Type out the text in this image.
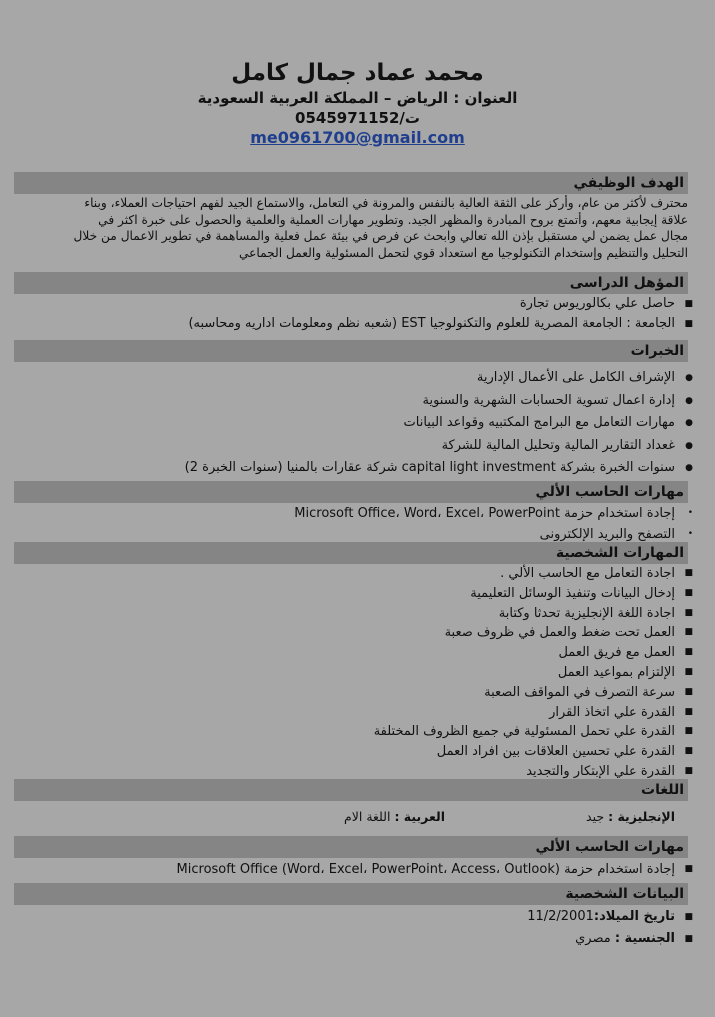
محمد عماد جمال كامل
العنوان : الرياض – المملكة العربية السعودية
ت/0545971152
me0961700@gmail.com
الهدف الوظيفي
محترف لأكثر من عام، وأركز على الثقة العالية بالنفس والمرونة في التعامل، والاستماع الجيد لفهم احتياجات العملاء، وبناء
علاقة إيجابية معهم، وأتمتع بروح المبادرة والمظهر الجيد. وتطوير مهارات العملية والعلمية والحصول على خبرة اكثر في
مجال عمل يضمن لي مستقبل بإذن الله تعالي وابحث عن فرص في بيئة عمل فعلية والمساهمة في تطوير الاعمال من خلال
التحليل والتنظيم وإستخدام التكنولوجيا مع استعداد قوي لتحمل المسئولية والعمل الجماعي
المؤهل الدراسى
■
حاصل علي بكالوريوس تجارة
■
الجامعة : الجامعة المصرية للعلوم والتكنولوجيا EST (شعبه نظم ومعلومات اداريه ومحاسبه)
الخبرات
●
الإشراف الكامل على الأعمال الإدارية
●
إدارة اعمال تسوية الحسابات الشهرية والسنوية
●
مهارات التعامل مع البرامج المكتبيه وقواعد البيانات
●
غعداد التقارير المالية وتحليل المالية للشركة
●
سنوات الخبرة بشركة capital light investment شركة عقارات بالمنيا (سنوات الخبرة 2)
مهارات الحاسب الألي
•
إجادة استخدام حزمة Microsoft Office، Word، Excel، PowerPoint
•
التصفح والبريد الإلكترونى
المهارات الشخصية
■
اجادة التعامل مع الحاسب الألي .
■
إدخال البيانات وتنفيذ الوسائل التعليمية
■
اجادة اللغة الإنجليزية تحدثا وكتابة
■
العمل تحت ضغط والعمل في ظروف صعبة
■
العمل مع فريق العمل
■
الإلتزام بمواعيد العمل
■
سرعة التصرف في المواقف الصعبة
■
القدرة علي اتخاذ القرار
■
القدرة علي تحمل المسئولية في جميع الظروف المختلفة
■
القدرة علي تحسين العلاقات بين افراد العمل
■
القدرة علي الإبتكار والتجديد
اللغات
الإنجليزية : جيد
العربية : اللغة الام
مهارات الحاسب الألي
■
إجادة استخدام حزمة Microsoft Office (Word، Excel، PowerPoint، Access، Outlook)
البيانات الشخصية
■
تاريخ الميلاد:11/2/2001
■
الجنسية : مصري
